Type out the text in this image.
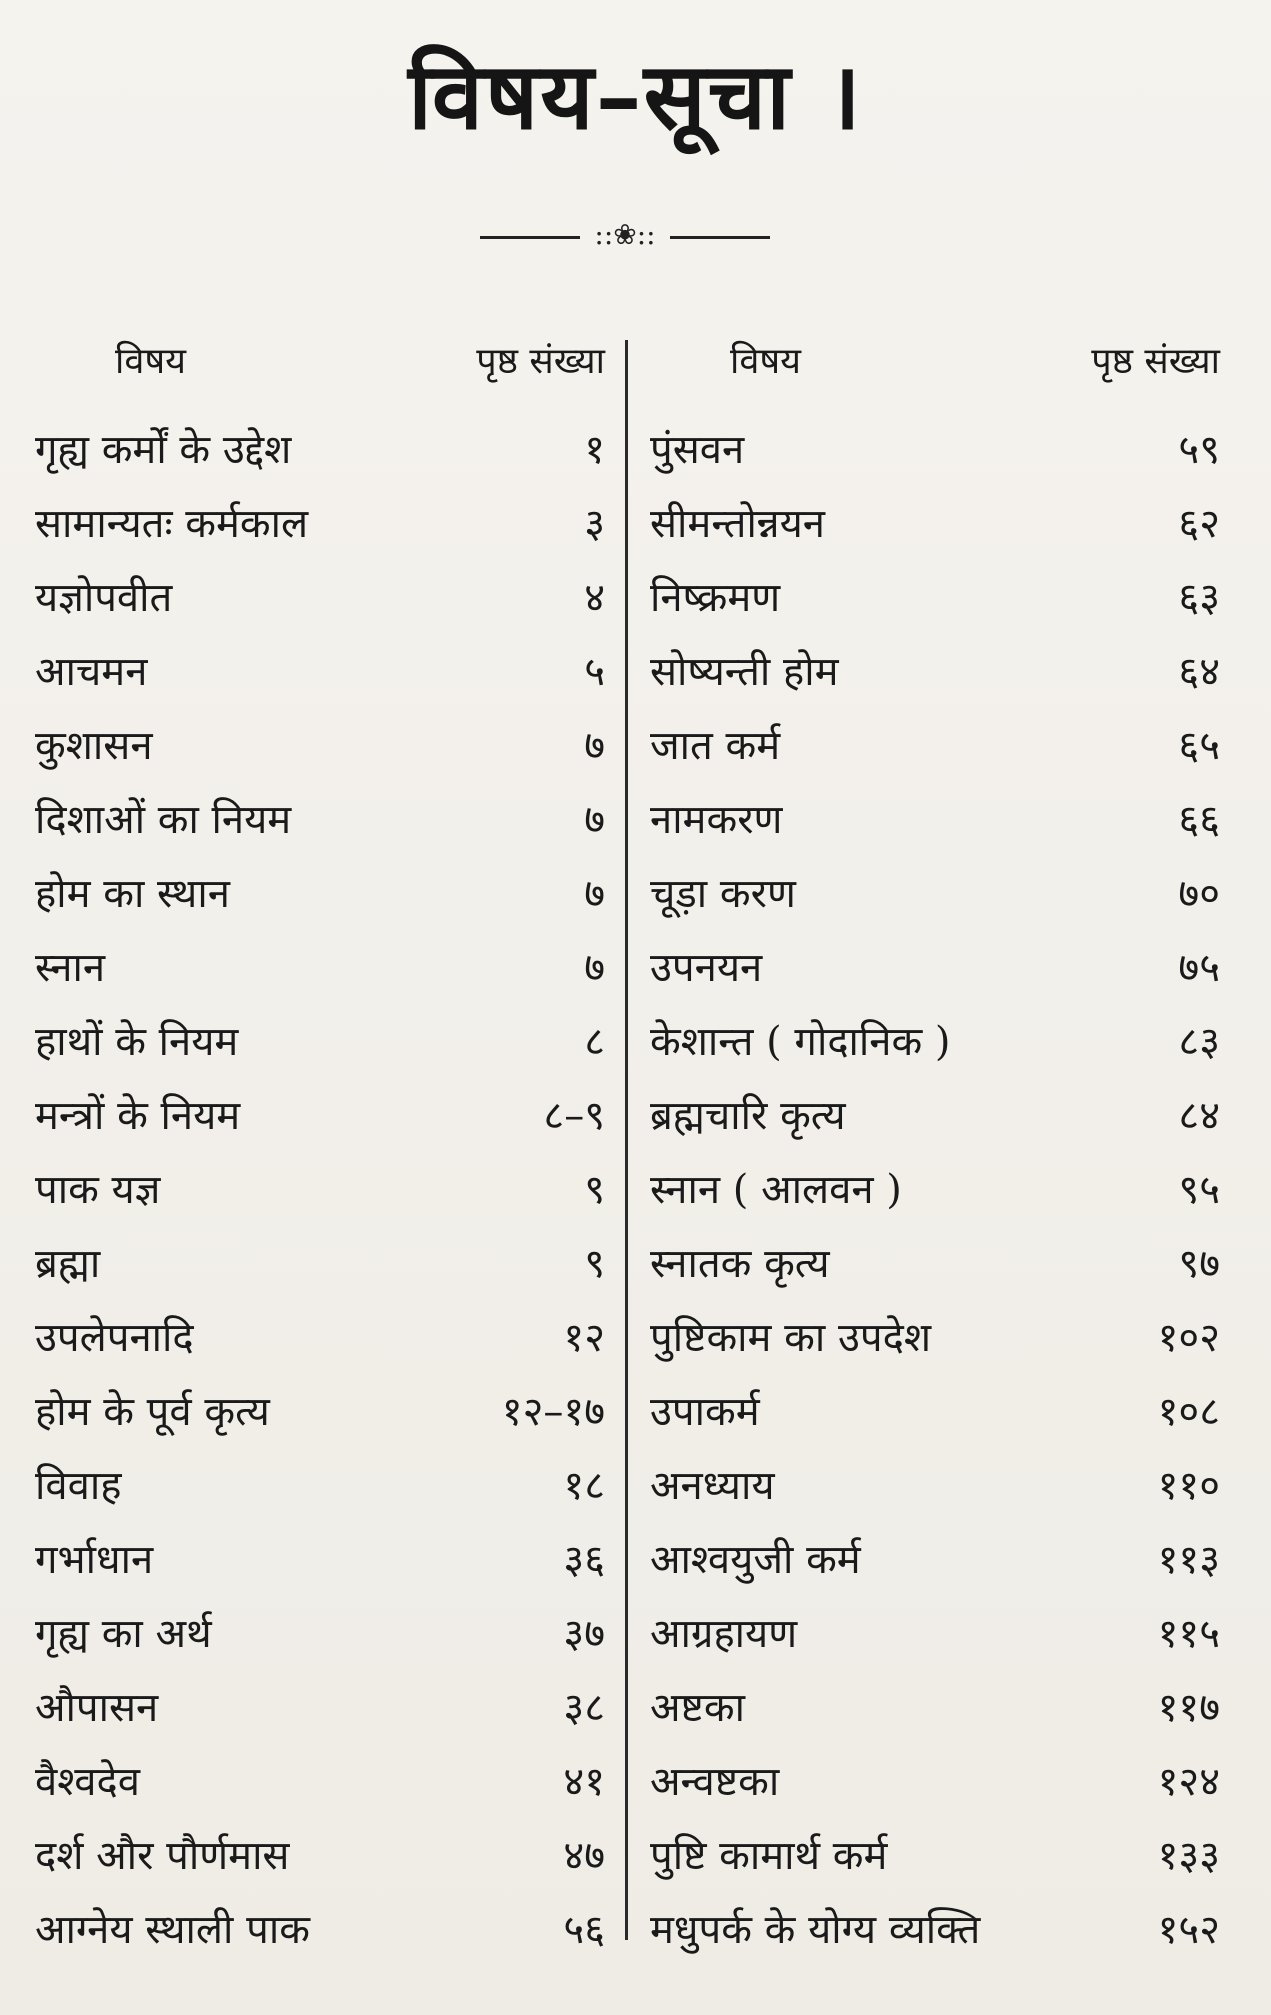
विषय–सूचा ।
::❀::
विषय	पृष्ठ संख्या
गृह्य कर्मों के उद्देश	१
सामान्यतः कर्मकाल	३
यज्ञोपवीत	४
आचमन	५
कुशासन	७
दिशाओं का नियम	७
होम का स्थान	७
स्नान	७
हाथों के नियम	८
मन्त्रों के नियम	८–९
पाक यज्ञ	९
ब्रह्मा	९
उपलेपनादि	१२
होम के पूर्व कृत्य	१२–१७
विवाह	१८
गर्भाधान	३६
गृह्य का अर्थ	३७
औपासन	३८
वैश्वदेव	४१
दर्श और पौर्णमास	४७
आग्नेय स्थाली पाक	५६
विषय	पृष्ठ संख्या
पुंसवन	५९
सीमन्तोन्नयन	६२
निष्क्रमण	६३
सोष्यन्ती होम	६४
जात कर्म	६५
नामकरण	६६
चूड़ा करण	७०
उपनयन	७५
केशान्त ( गोदानिक )	८३
ब्रह्मचारि कृत्य	८४
स्नान ( आलवन )	९५
स्नातक कृत्य	९७
पुष्टिकाम का उपदेश	१०२
उपाकर्म	१०८
अनध्याय	११०
आश्वयुजी कर्म	११३
आग्रहायण	११५
अष्टका	११७
अन्वष्टका	१२४
पुष्टि कामार्थ कर्म	१३३
मधुपर्क के योग्य व्यक्ति	१५२
